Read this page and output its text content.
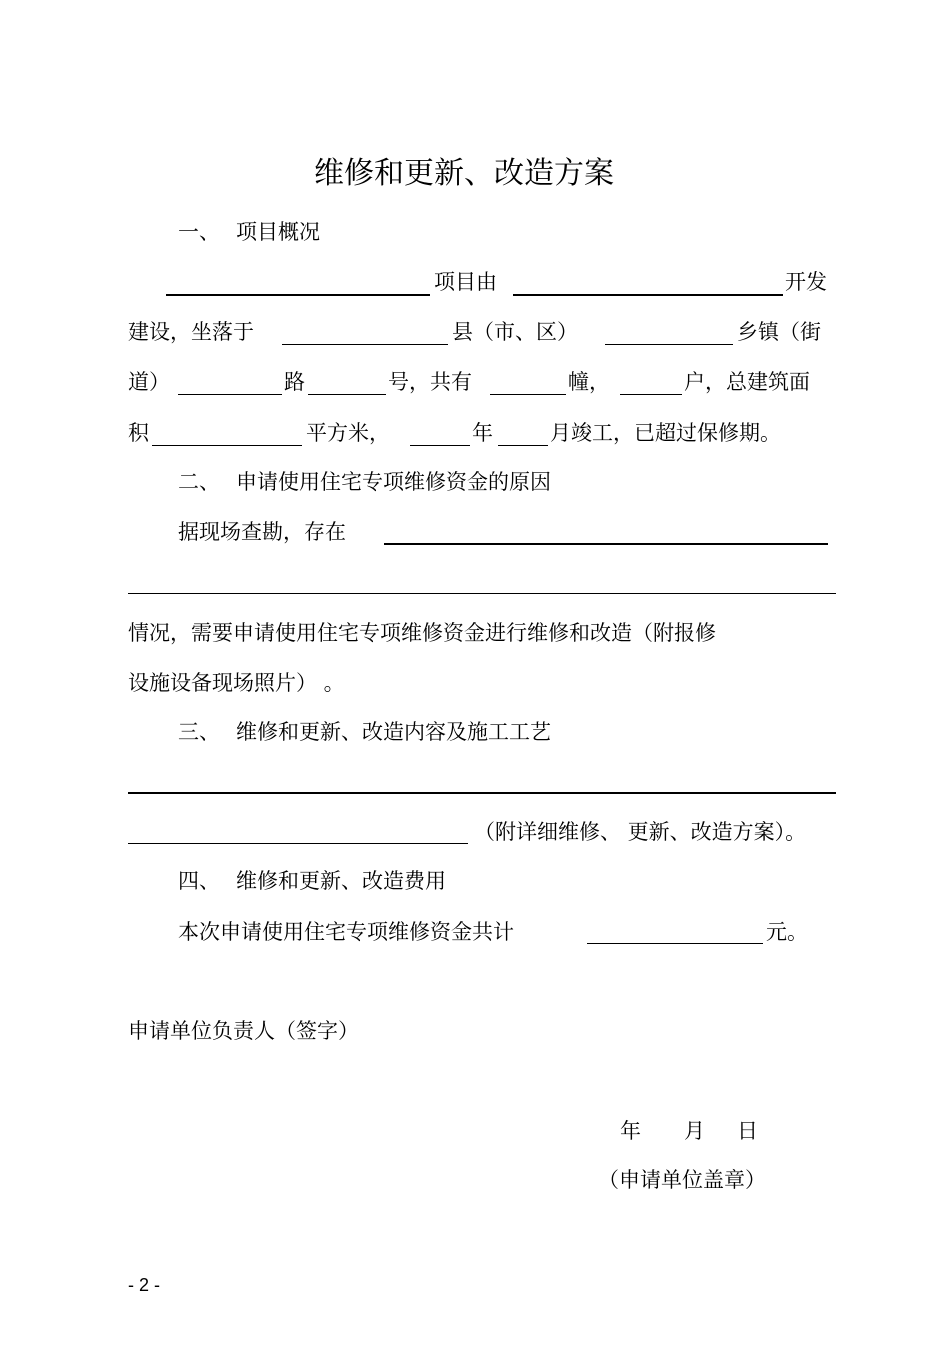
维修和更新、改造方案
一、 项目概况
项目由	开发
建设，坐落于	县（市、区）	乡镇（街
道）	路	号，共有	幢，	户，总建筑面
积	平方米，	年	月竣工，已超过保修期。
二、 申请使用住宅专项维修资金的原因
据现场查勘，存在
情况，需要申请使用住宅专项维修资金进行维修和改造（附报修
设施设备现场照片） 。
三、 维修和更新、改造内容及施工工艺
（附详细维修、 更新、改造方案）。
四、 维修和更新、改造费用
本次申请使用住宅专项维修资金共计	元。
申请单位负责人（签字）
年 月 日
（申请单位盖章）
- 2 -
